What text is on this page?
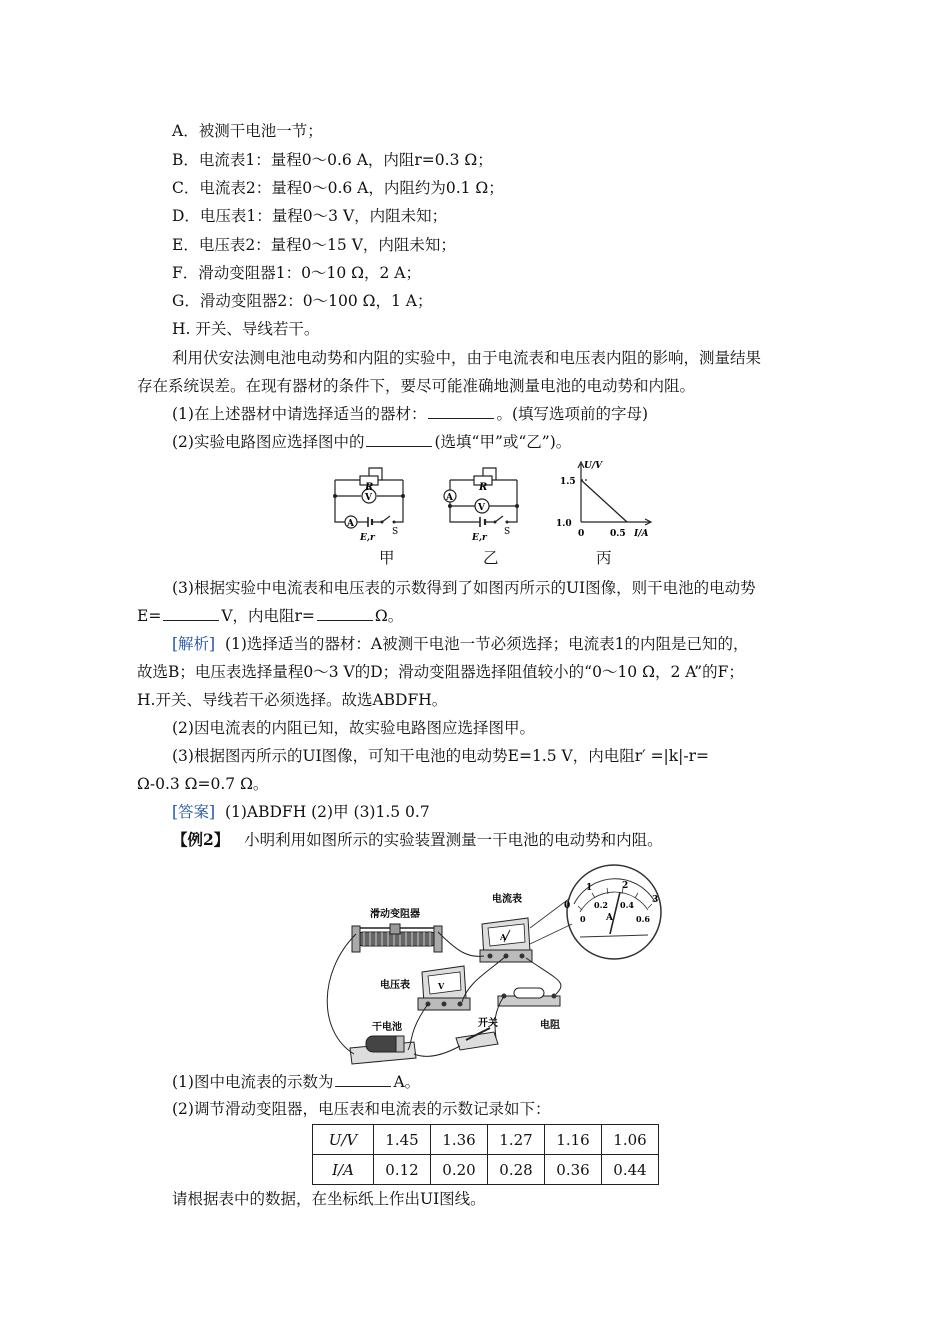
A．被测干电池一节；
B．电流表1：量程0～0.6 A，内阻r=0.3 Ω；
C．电流表2：量程0～0.6 A，内阻约为0.1 Ω；
D．电压表1：量程0～3 V，内阻未知；
E．电压表2：量程0～15 V，内阻未知；
F．滑动变阻器1：0～10 Ω，2 A；
G．滑动变阻器2：0～100 Ω，1 A；
H. 开关、导线若干。
利用伏安法测电池电动势和内阻的实验中，由于电流表和电压表内阻的影响，测量结果
存在系统误差。在现有器材的条件下，要尽可能准确地测量电池的电动势和内阻。
(1)在上述器材中请选择适当的器材：	。(填写选项前的字母)
(2)实验电路图应选择图中的	(选填“甲”或“乙”)。
R
V
A
E,r
S
R
V
A
E,r
S
U/V
I/A
1.5
1.0
0	0.5
甲	乙	丙
(3)根据实验中电流表和电压表的示数得到了如图丙所示的UI图像，则干电池的电动势
E=	V，内电阻r=	Ω。
[解析] (1)选择适当的器材：A被测干电池一节必须选择；电流表1的内阻是已知的，
故选B；电压表选择量程0～3 V的D；滑动变阻器选择阻值较小的“0～10 Ω，2 A”的F；
H.开关、导线若干必须选择。故选ABDFH。
(2)因电流表的内阻已知，故实验电路图应选择图甲。
(3)根据图丙所示的UI图像，可知干电池的电动势E=1.5 V，内电阻r′ =|k|-r=
Ω-0.3 Ω=0.7 Ω。
[答案] (1)ABDFH (2)甲 (3)1.5 0.7
【例2】 小明利用如图所示的实验装置测量一干电池的电动势和内阻。
0
1	2
3
0
0.2 0.4
0.6
A
A
电流表
滑动变阻器
V
电压表
电阻
开关
干电池
(1)图中电流表的示数为	A。
(2)调节滑动变阻器，电压表和电流表的示数记录如下：
U/V	1.45	1.36	1.27	1.16	1.06
I/A	0.12	0.20	0.28	0.36	0.44
请根据表中的数据，在坐标纸上作出UI图线。
